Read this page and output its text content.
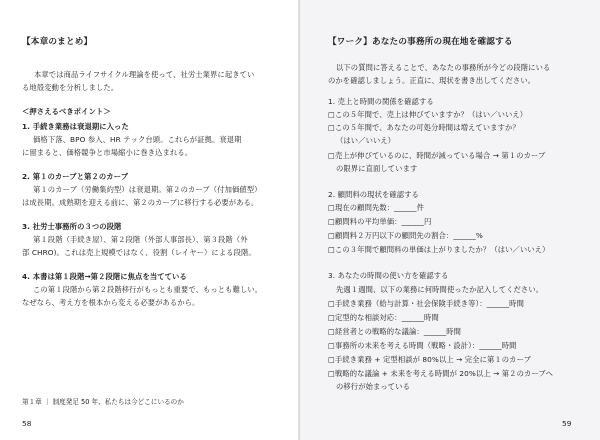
【本章のまとめ】
本章では商品ライフサイクル理論を使って、社労士業界に起きてい
る地殻変動を分析しました。
＜押さえるべきポイント＞
1. 手続き業務は衰退期に入った
価格下落、BPO 参入、HR テック台頭。これらが証拠。衰退期
に留まると、価格競争と市場縮小に巻き込まれる。
2. 第１のカーブと第２のカーブ
第１のカーブ（労働集約型）は衰退期。第２のカーブ（付加価値型）
は成長期。成熟期を迎える前に、第２のカーブに移行する必要がある。
3. 社労士事務所の３つの段階
第１段階（手続き屋）、第２段階（外部人事部長）、第３段階（外
部 CHRO)。これは売上規模ではなく、役割（レイヤー）による段階。
4. 本書は第１段階→第２段階に焦点を当てている
この第１段階から第２段階移行がもっとも重要で、もっとも難しい。
なぜなら、考え方を根本から変える必要があるから。
第１章 ｜ 制度発足 50 年、私たちは今どこにいるのか
58
【ワーク】あなたの事務所の現在地を確認する
以下の質問に答えることで、あなたの事務所が今どの段階にいる
のかを確認しましょう。正直に、現状を書き出してください。
1. 売上と時間の関係を確認する
□この５年間で、売上は伸びていますか？（はい／いいえ）
□この５年間で、あなたの可処分時間は増えていますか？
（はい／いいえ）
□売上が伸びているのに、時間が減っている場合 → 第１のカーブ
の限界に直面しています
2. 顧問料の現状を確認する
□現在の顧問先数：______件
□顧問料の平均単価：______円
□顧問料２万円以下の顧問先の割合：______%
□この３年間で顧問料の単価は上がりましたか？（はい／いいえ）
3. あなたの時間の使い方を確認する
先週１週間、以下の業務に何時間使ったか記入してください。
□手続き業務（給与計算・社会保険手続き等）：______時間
□定型的な相談対応：______時間
□経営者との戦略的な議論：______時間
□事務所の未来を考える時間（戦略・設計）：______時間
□手続き業務 + 定型相談が 80%以上 → 完全に第１のカーブ
□戦略的な議論 + 未来を考える時間が 20%以上 → 第２のカーブへ
の移行が始まっている
59
